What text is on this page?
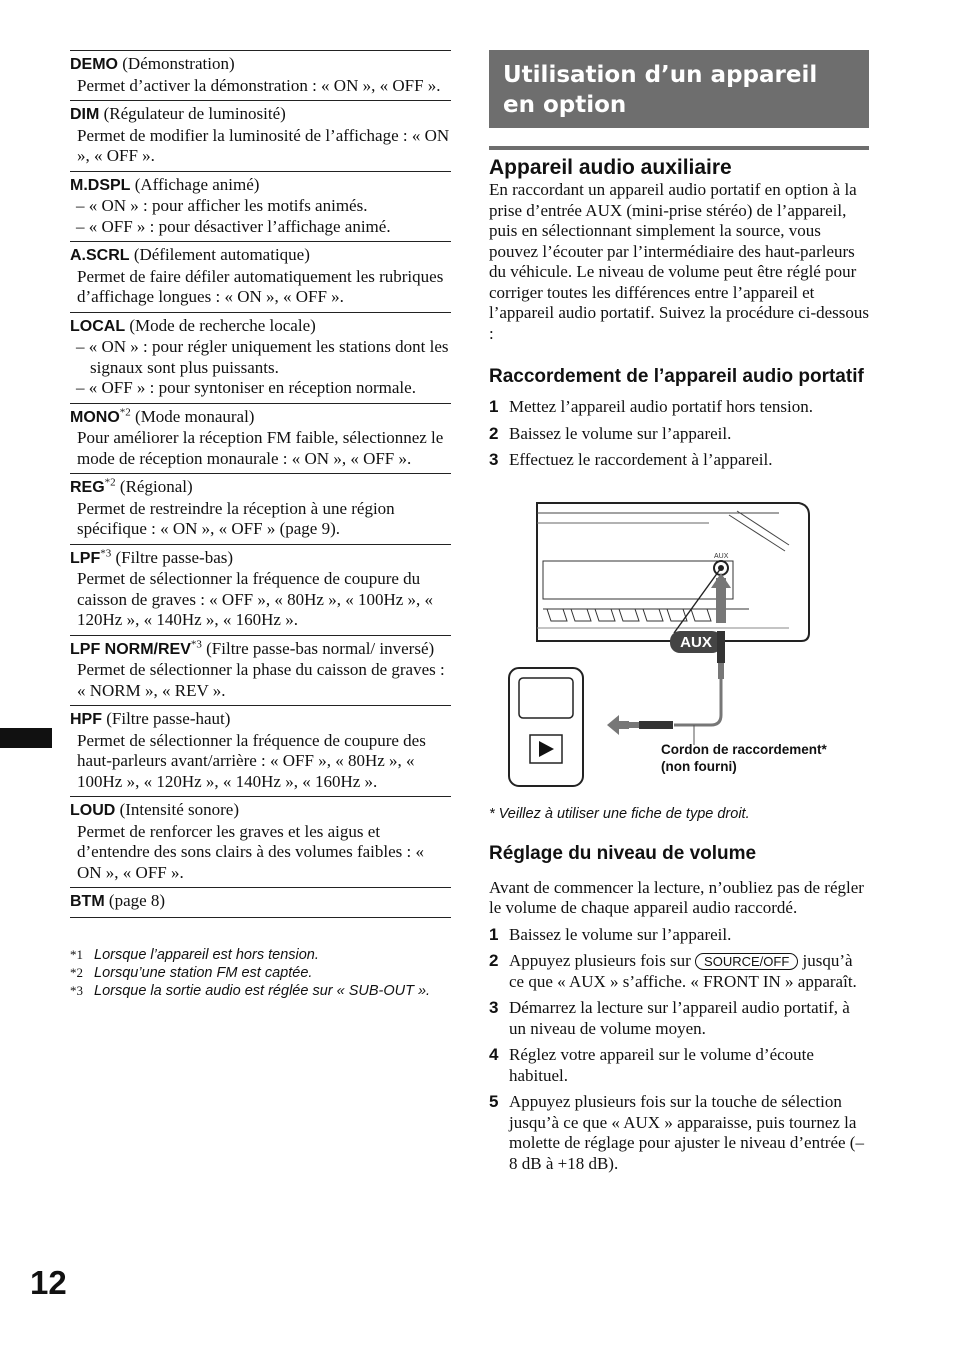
DEMO (Démonstration)
Permet d’activer la démonstration : « ON », « OFF ».
DIM (Régulateur de luminosité)
Permet de modifier la luminosité de l’affichage : « ON », « OFF ».
M.DSPL (Affichage animé)
– « ON » : pour afficher les motifs animés.
– « OFF » : pour désactiver l’affichage animé.
A.SCRL (Défilement automatique)
Permet de faire défiler automatiquement les rubriques d’affichage longues : « ON », « OFF ».
LOCAL (Mode de recherche locale)
– « ON » : pour régler uniquement les stations dont les signaux sont plus puissants.
– « OFF » : pour syntoniser en réception normale.
MONO$^{*2}$ (Mode monaural)
Pour améliorer la réception FM faible, sélectionnez le mode de réception monaurale : « ON », « OFF ».
REG$^{*2}$ (Régional)
Permet de restreindre la réception à une région spécifique : « ON », « OFF » (page 9).
LPF$^{*3}$ (Filtre passe-bas)
Permet de sélectionner la fréquence de coupure du caisson de graves : « OFF », « 80Hz », « 100Hz », « 120Hz », « 140Hz », « 160Hz ».
LPF NORM/REV$^{*3}$ (Filtre passe-bas normal/ inversé)
Permet de sélectionner la phase du caisson de graves : « NORM », « REV ».
HPF (Filtre passe-haut)
Permet de sélectionner la fréquence de coupure des haut-parleurs avant/arrière : « OFF », « 80Hz », « 100Hz », « 120Hz », « 140Hz », « 160Hz ».
LOUD (Intensité sonore)
Permet de renforcer les graves et les aigus et d’entendre des sons clairs à des volumes faibles : « ON », « OFF ».
BTM (page 8)
*1 Lorsque l’appareil est hors tension.
*2 Lorsqu’une station FM est captée.
*3 Lorsque la sortie audio est réglée sur « SUB-OUT ».
Utilisation d’un appareil en option
Appareil audio auxiliaire
En raccordant un appareil audio portatif en option à la prise d’entrée AUX (mini-prise stéréo) de l’appareil, puis en sélectionnant simplement la source, vous pouvez l’écouter par l’intermédiaire des haut-parleurs du véhicule. Le niveau de volume peut être réglé pour corriger toutes les différences entre l’appareil et l’appareil audio portatif. Suivez la procédure ci-dessous :
Raccordement de l’appareil audio portatif
1 Mettez l’appareil audio portatif hors tension.
2 Baissez le volume sur l’appareil.
3 Effectuez le raccordement à l’appareil.
AUX
AUX
Cordon de raccordement*
(non fourni)
* Veillez à utiliser une fiche de type droit.
Réglage du niveau de volume
Avant de commencer la lecture, n’oubliez pas de régler le volume de chaque appareil audio raccordé.
1 Baissez le volume sur l’appareil.
2 Appuyez plusieurs fois sur SOURCE/OFF jusqu’à ce que « AUX » s’affiche. « FRONT IN » apparaît.
3 Démarrez la lecture sur l’appareil audio portatif, à un niveau de volume moyen.
4 Réglez votre appareil sur le volume d’écoute habituel.
5 Appuyez plusieurs fois sur la touche de sélection jusqu’à ce que « AUX » apparaisse, puis tournez la molette de réglage pour ajuster le niveau d’entrée (–8 dB à +18 dB).
12
